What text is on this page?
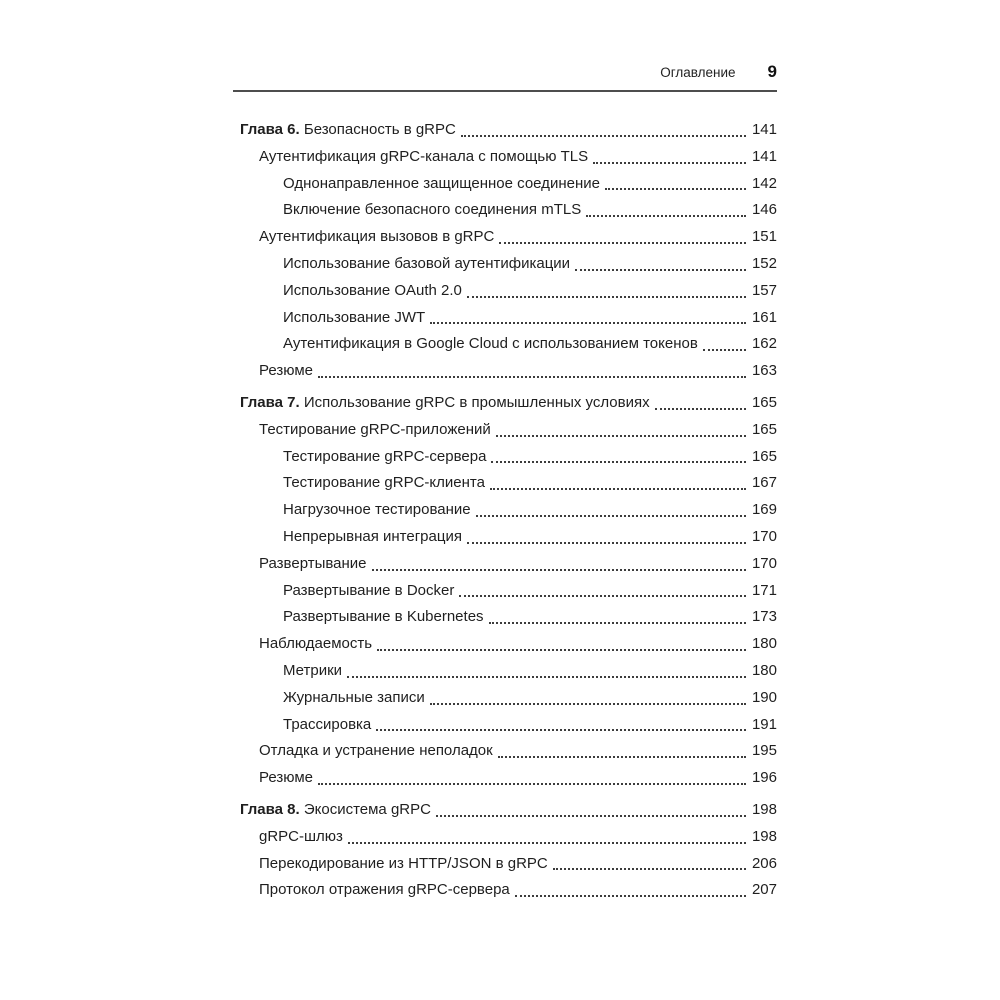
Оглавление 9
Глава 6. Безопасность в gRPC	141
Аутентификация gRPC-канала с помощью TLS	141
Однонаправленное защищенное соединение	142
Включение безопасного соединения mTLS	146
Аутентификация вызовов в gRPC	151
Использование базовой аутентификации	152
Использование OAuth 2.0	157
Использование JWT	161
Аутентификация в Google Cloud с использованием токенов	162
Резюме	163
Глава 7. Использование gRPC в промышленных условиях	165
Тестирование gRPC-приложений	165
Тестирование gRPC-сервера	165
Тестирование gRPC-клиента	167
Нагрузочное тестирование	169
Непрерывная интеграция	170
Развертывание	170
Развертывание в Docker	171
Развертывание в Kubernetes	173
Наблюдаемость	180
Метрики	180
Журнальные записи	190
Трассировка	191
Отладка и устранение неполадок	195
Резюме	196
Глава 8. Экосистема gRPC	198
gRPC-шлюз	198
Перекодирование из HTTP/JSON в gRPC	206
Протокол отражения gRPC-сервера	207
